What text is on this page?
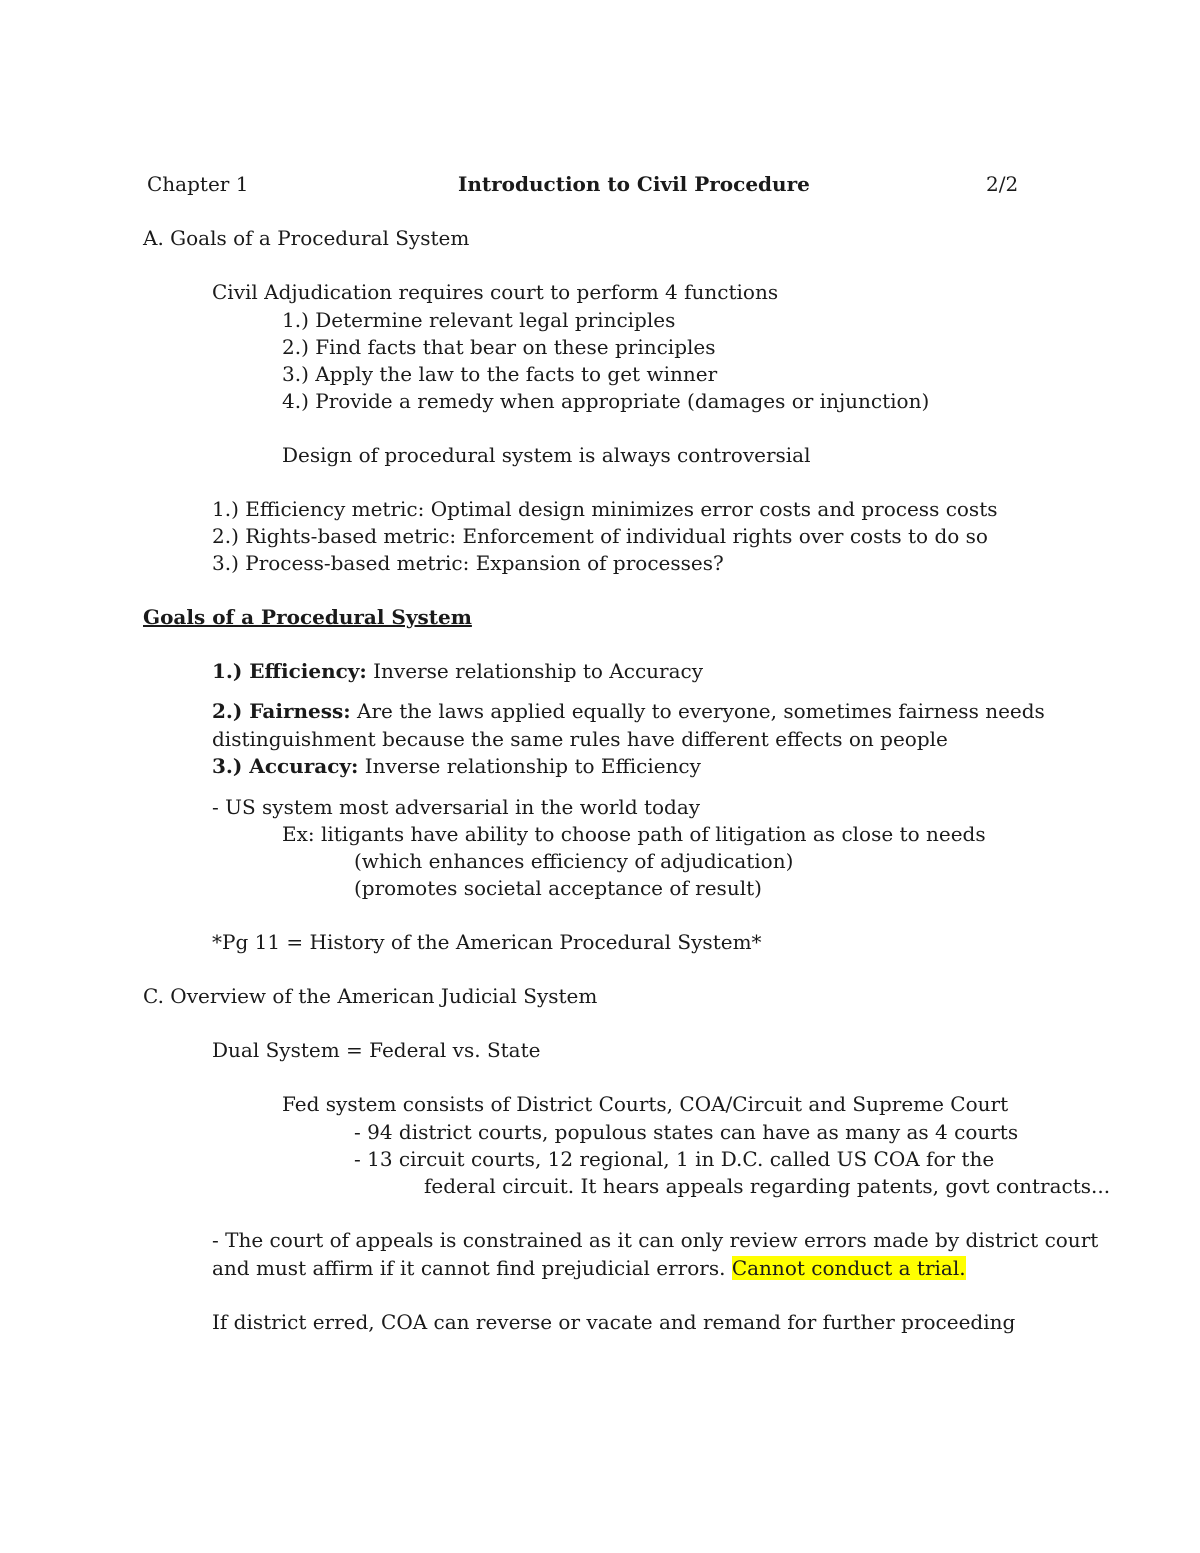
Chapter 1	Introduction to Civil Procedure	2/2
A. Goals of a Procedural System
Civil Adjudication requires court to perform 4 functions
1.) Determine relevant legal principles
2.) Find facts that bear on these principles
3.) Apply the law to the facts to get winner
4.) Provide a remedy when appropriate (damages or injunction)
Design of procedural system is always controversial
1.) Efficiency metric: Optimal design minimizes error costs and process costs
2.) Rights-based metric: Enforcement of individual rights over costs to do so
3.) Process-based metric: Expansion of processes?
Goals of a Procedural System
1.) Efficiency: Inverse relationship to Accuracy
2.) Fairness: Are the laws applied equally to everyone, sometimes fairness needs
distinguishment because the same rules have different effects on people
3.) Accuracy: Inverse relationship to Efficiency
- US system most adversarial in the world today
Ex: litigants have ability to choose path of litigation as close to needs
(which enhances efficiency of adjudication)
(promotes societal acceptance of result)
*Pg 11 = History of the American Procedural System*
C. Overview of the American Judicial System
Dual System = Federal vs. State
Fed system consists of District Courts, COA/Circuit and Supreme Court
- 94 district courts, populous states can have as many as 4 courts
- 13 circuit courts, 12 regional, 1 in D.C. called US COA for the
federal circuit. It hears appeals regarding patents, govt contracts...
- The court of appeals is constrained as it can only review errors made by district court
and must affirm if it cannot find prejudicial errors. Cannot conduct a trial.
If district erred, COA can reverse or vacate and remand for further proceeding
